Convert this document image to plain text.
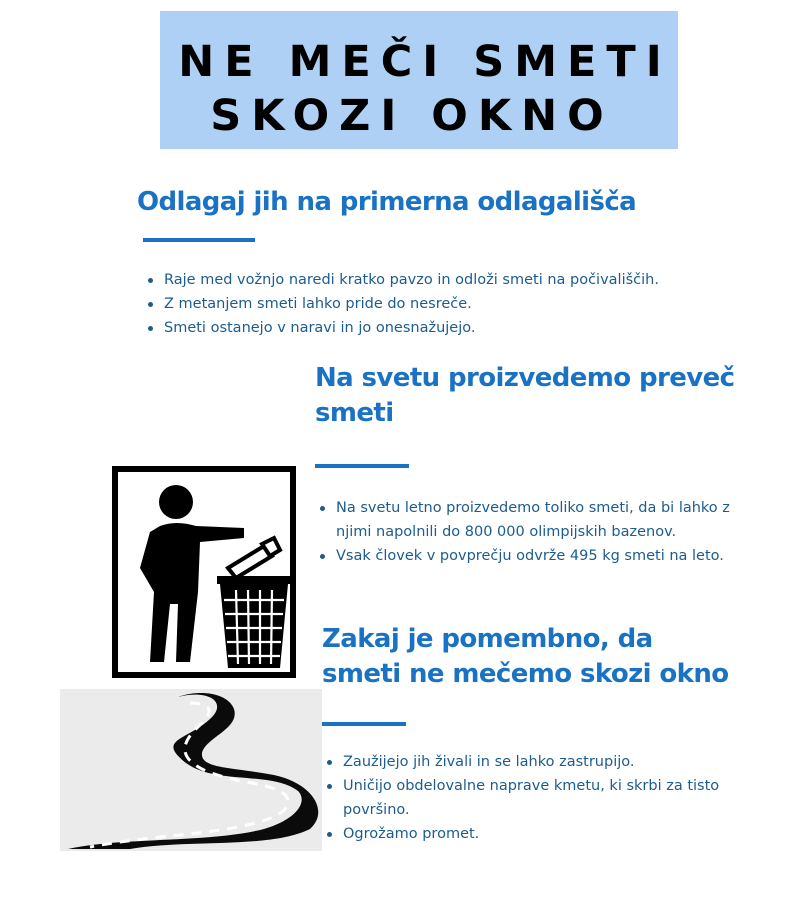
NE MEČI SMETI
SKOZI OKNO
Odlagaj jih na primerna odlagališča
Raje med vožnjo naredi kratko pavzo in odloži smeti na počivališčih.
Z metanjem smeti lahko pride do nesreče.
Smeti ostanejo v naravi in jo onesnažujejo.
Na svetu proizvedemo preveč
smeti
Na svetu letno proizvedemo toliko smeti, da bi lahko z
njimi napolnili do 800 000 olimpijskih bazenov.
Vsak človek v povprečju odvrže 495 kg smeti na leto.
Zakaj je pomembno, da
smeti ne mečemo skozi okno
Zaužijejo jih živali in se lahko zastrupijo.
Uničijo obdelovalne naprave kmetu, ki skrbi za tisto
površino.
Ogrožamo promet.
